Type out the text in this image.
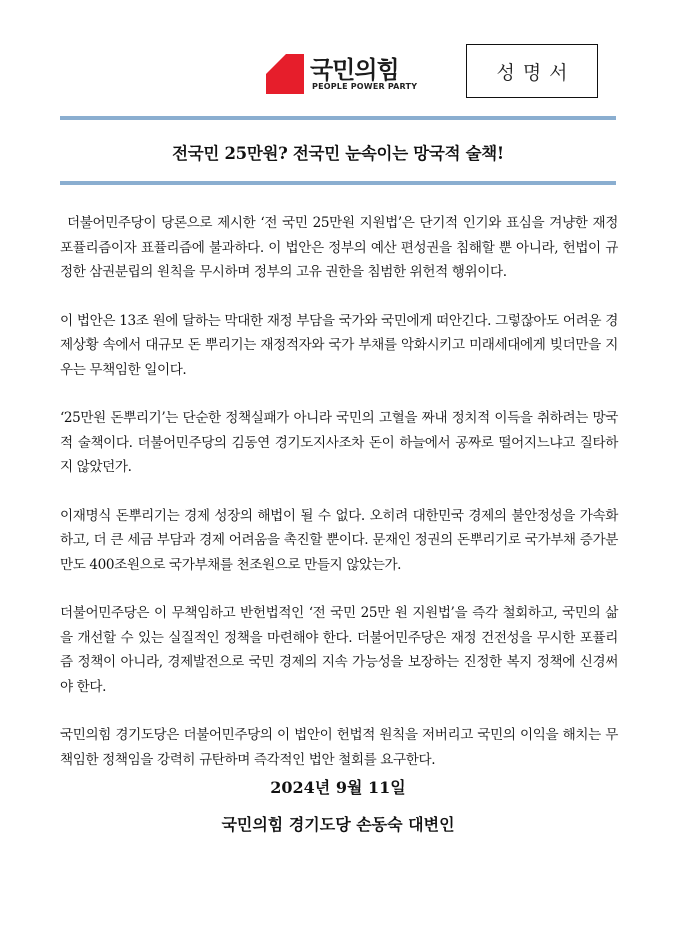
국민의힘
PEOPLE POWER PARTY
성명서
전국민 25만원? 전국민 눈속이는 망국적 술책!

더불어민주당이 당론으로 제시한 ‘전 국민 25만원 지원법’은 단기적 인기와 표심을 겨냥한 재정 포퓰리즘이자 표퓰리즘에 불과하다. 이 법안은 정부의 예산 편성권을 침해할 뿐 아니라, 헌법이 규정한 삼권분립의 원칙을 무시하며 정부의 고유 권한을 침범한 위헌적 행위이다.

이 법안은 13조 원에 달하는 막대한 재정 부담을 국가와 국민에게 떠안긴다. 그렇잖아도 어려운 경제상황 속에서 대규모 돈 뿌리기는 재정적자와 국가 부채를 악화시키고 미래세대에게 빚더만을 지우는 무책임한 일이다.

‘25만원 돈뿌리기’는 단순한 정책실패가 아니라 국민의 고혈을 짜내 정치적 이득을 취하려는 망국적 술책이다. 더불어민주당의 김동연 경기도지사조차 돈이 하늘에서 공짜로 떨어지느냐고 질타하지 않았던가.

이재명식 돈뿌리기는 경제 성장의 해법이 될 수 없다. 오히려 대한민국 경제의 불안정성을 가속화하고, 더 큰 세금 부담과 경제 어려움을 촉진할 뿐이다. 문재인 정권의 돈뿌리기로 국가부채 증가분만도 400조원으로 국가부채를 천조원으로 만들지 않았는가.

더불어민주당은 이 무책임하고 반헌법적인 ‘전 국민 25만 원 지원법’을 즉각 철회하고, 국민의 삶을 개선할 수 있는 실질적인 정책을 마련해야 한다. 더불어민주당은 재정 건전성을 무시한 포퓰리즘 정책이 아니라, 경제발전으로 국민 경제의 지속 가능성을 보장하는 진정한 복지 정책에 신경써야 한다.

국민의힘 경기도당은 더불어민주당의 이 법안이 헌법적 원칙을 저버리고 국민의 이익을 해치는 무책임한 정책임을 강력히 규탄하며 즉각적인 법안 철회를 요구한다.

2024년 9월 11일
국민의힘 경기도당 손동숙 대변인
